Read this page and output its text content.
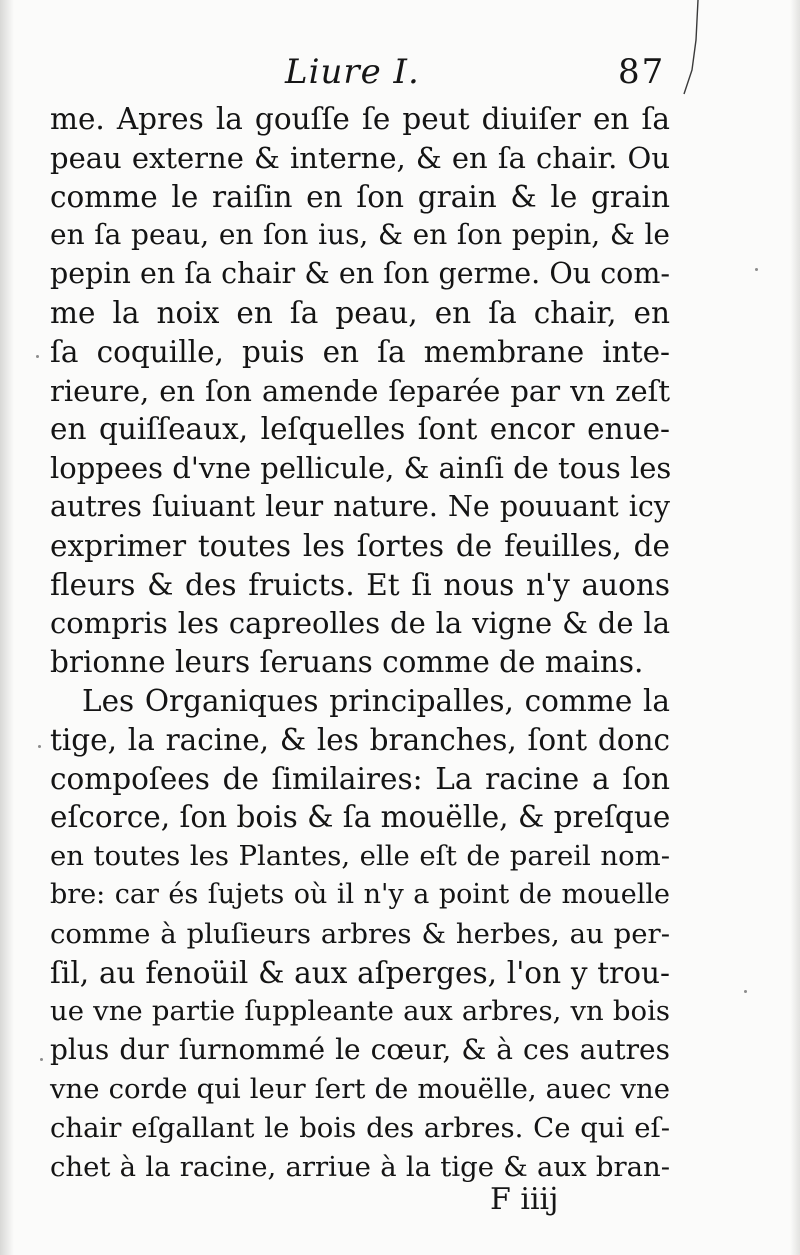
Liure I.	87
me. Apres la gouſſe ſe peut diuiſer en ſa
peau externe & interne, & en ſa chair. Ou
comme le raiſin en ſon grain & le grain
en ſa peau, en ſon ius, & en ſon pepin, & le
pepin en ſa chair & en ſon germe. Ou com-
me la noix en ſa peau, en ſa chair, en
ſa coquille, puis en ſa membrane inte-
rieure, en ſon amende ſeparée par vn zeſt
en quiſſeaux, leſquelles ſont encor enue-
loppees d'vne pellicule, & ainſi de tous les
autres ſuiuant leur nature. Ne pouuant icy
exprimer toutes les ſortes de feuilles, de
fleurs & des fruicts. Et ſi nous n'y auons
compris les capreolles de la vigne & de la
brionne leurs ſeruans comme de mains.
Les Organiques principalles, comme la
tige, la racine, & les branches, ſont donc
compoſees de ſimilaires: La racine a ſon
eſcorce, ſon bois & ſa mouëlle, & preſque
en toutes les Plantes, elle eſt de pareil nom-
bre: car és ſujets où il n'y a point de mouelle
comme à pluſieurs arbres & herbes, au per-
ſil, au fenoüil & aux aſperges, l'on y trou-
ue vne partie ſuppleante aux arbres, vn bois
plus dur ſurnommé le cœur, & à ces autres
vne corde qui leur ſert de mouëlle, auec vne
chair eſgallant le bois des arbres. Ce qui eſ-
chet à la racine, arriue à la tige & aux bran-
F iiij
